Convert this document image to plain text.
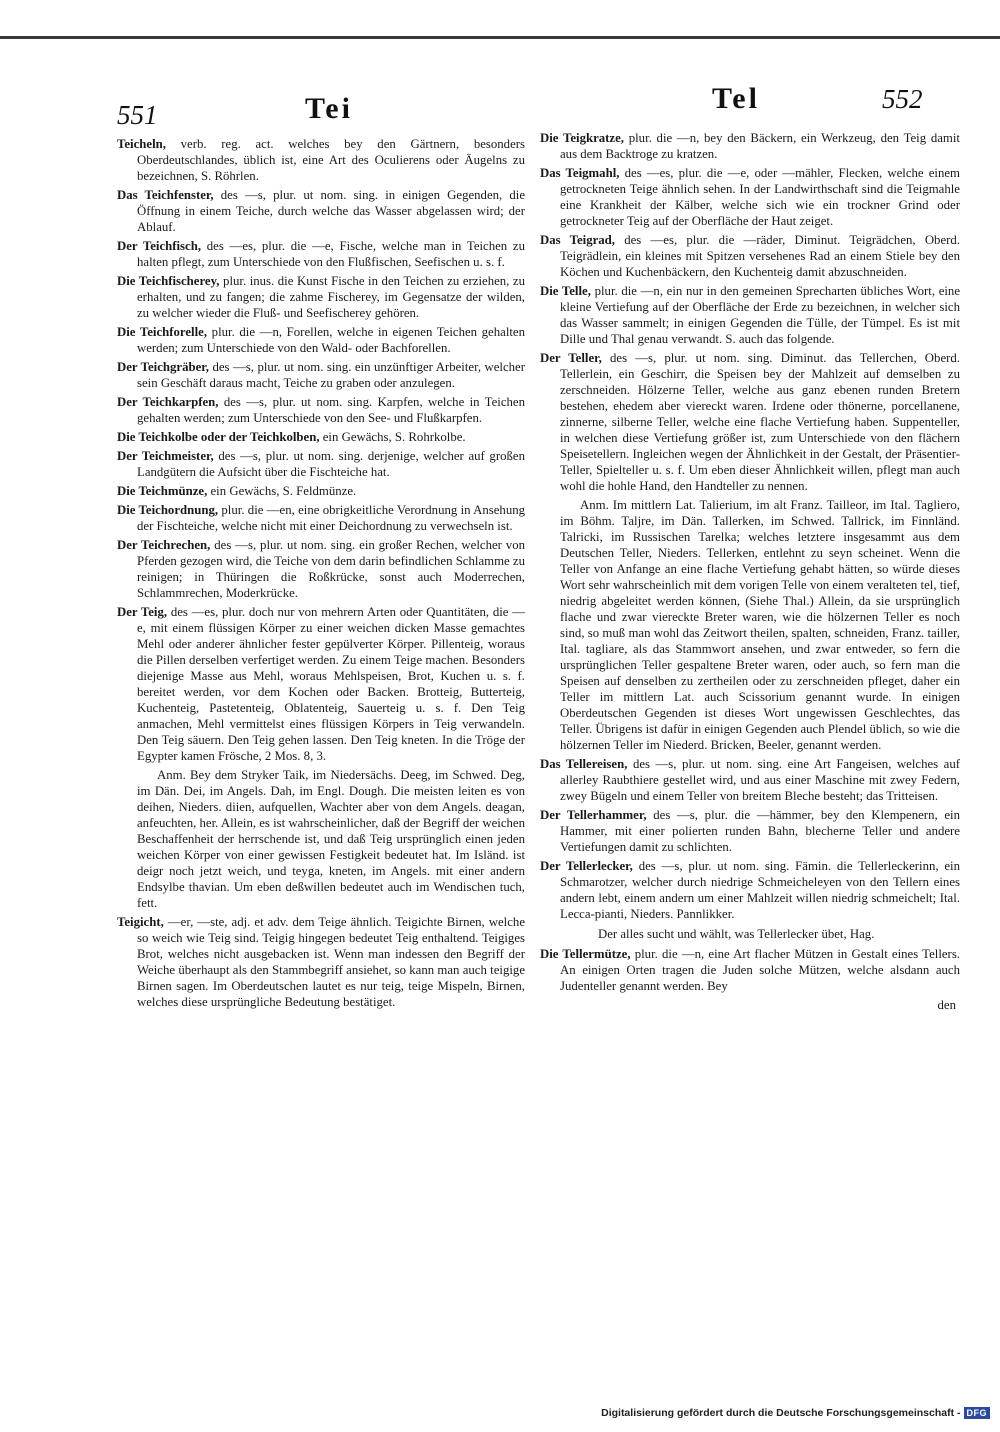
551	Tei	Tel	552

Teicheln, verb. reg. act. welches bey den Gärtnern, besonders Oberdeutschlandes, üblich ist, eine Art des Oculierens oder Äugelns zu bezeichnen, S. Röhrlen.

Das Teichfenster, des —s, plur. ut nom. sing. in einigen Gegenden, die Öffnung in einem Teiche, durch welche das Wasser abgelassen wird; der Ablauf.

Der Teichfisch, des —es, plur. die —e, Fische, welche man in Teichen zu halten pflegt, zum Unterschiede von den Flußfischen, Seefischen u. s. f.

Die Teichfischerey, plur. inus. die Kunst Fische in den Teichen zu erziehen, zu erhalten, und zu fangen; die zahme Fischerey, im Gegensatze der wilden, zu welcher wieder die Fluß- und Seefischerey gehören.

Die Teichforelle, plur. die —n, Forellen, welche in eigenen Teichen gehalten werden; zum Unterschiede von den Wald- oder Bachforellen.

Der Teichgräber, des —s, plur. ut nom. sing. ein unzünftiger Arbeiter, welcher sein Geschäft daraus macht, Teiche zu graben oder anzulegen.

Der Teichkarpfen, des —s, plur. ut nom. sing. Karpfen, welche in Teichen gehalten werden; zum Unterschiede von den See- und Flußkarpfen.

Die Teichkolbe oder der Teichkolben, ein Gewächs, S. Rohrkolbe.

Der Teichmeister, des —s, plur. ut nom. sing. derjenige, welcher auf großen Landgütern die Aufsicht über die Fischteiche hat.

Die Teichmünze, ein Gewächs, S. Feldmünze.

Die Teichordnung, plur. die —en, eine obrigkeitliche Verordnung in Ansehung der Fischteiche, welche nicht mit einer Deichordnung zu verwechseln ist.

Der Teichrechen, des —s, plur. ut nom. sing. ein großer Rechen, welcher von Pferden gezogen wird, die Teiche von dem darin befindlichen Schlamme zu reinigen; in Thüringen die Roßkrücke, sonst auch Moderrechen, Schlammrechen, Moderkrücke.

Der Teig, des —es, plur. doch nur von mehrern Arten oder Quantitäten, die —e, mit einem flüssigen Körper zu einer weichen dicken Masse gemachtes Mehl oder anderer ähnlicher fester gepülverter Körper. Pillenteig, woraus die Pillen derselben verfertiget werden. Zu einem Teige machen. Besonders diejenige Masse aus Mehl, woraus Mehlspeisen, Brot, Kuchen u. s. f. bereitet werden, vor dem Kochen oder Backen. Brotteig, Butterteig, Kuchenteig, Pastetenteig, Oblatenteig, Sauerteig u. s. f. Den Teig anmachen, Mehl vermittelst eines flüssigen Körpers in Teig verwandeln. Den Teig säuern. Den Teig gehen lassen. Den Teig kneten. In die Tröge der Egypter kamen Frösche, 2 Mos. 8, 3.

Anm. Bey dem Stryker Taik, im Niedersächs. Deeg, im Schwed. Deg, im Dän. Dei, im Angels. Dah, im Engl. Dough. Die meisten leiten es von deihen, Nieders. diien, aufquellen, Wachter aber von dem Angels. deagan, anfeuchten, her. Allein, es ist wahrscheinlicher, daß der Begriff der weichen Beschaffenheit der herrschende ist, und daß Teig ursprünglich einen jeden weichen Körper von einer gewissen Festigkeit bedeutet hat. Im Isländ. ist deigr noch jetzt weich, und teyga, kneten, im Angels. mit einer andern Endsylbe thavian. Um eben deßwillen bedeutet auch im Wendischen tuch, fett.

Teigicht, —er, —ste, adj. et adv. dem Teige ähnlich. Teigichte Birnen, welche so weich wie Teig sind. Teigig hingegen bedeutet Teig enthaltend. Teigiges Brot, welches nicht ausgebacken ist. Wenn man indessen den Begriff der Weiche überhaupt als den Stammbegriff ansiehet, so kann man auch teigige Birnen sagen. Im Oberdeutschen lautet es nur teig, teige Mispeln, Birnen, welches diese ursprüngliche Bedeutung bestätiget.

Die Teigkratze, plur. die —n, bey den Bäckern, ein Werkzeug, den Teig damit aus dem Backtroge zu kratzen.

Das Teigmahl, des —es, plur. die —e, oder —mähler, Flecken, welche einem getrockneten Teige ähnlich sehen. In der Landwirthschaft sind die Teigmahle eine Krankheit der Kälber, welche sich wie ein trockner Grind oder getrockneter Teig auf der Oberfläche der Haut zeiget.

Das Teigrad, des —es, plur. die —räder, Diminut. Teigrädchen, Oberd. Teigrädlein, ein kleines mit Spitzen versehenes Rad an einem Stiele bey den Köchen und Kuchenbäckern, den Kuchenteig damit abzuschneiden.

Die Telle, plur. die —n, ein nur in den gemeinen Sprecharten übliches Wort, eine kleine Vertiefung auf der Oberfläche der Erde zu bezeichnen, in welcher sich das Wasser sammelt; in einigen Gegenden die Tülle, der Tümpel. Es ist mit Dille und Thal genau verwandt. S. auch das folgende.

Der Teller, des —s, plur. ut nom. sing. Diminut. das Tellerchen, Oberd. Tellerlein, ein Geschirr, die Speisen bey der Mahlzeit auf demselben zu zerschneiden. Hölzerne Teller, welche aus ganz ebenen runden Bretern bestehen, ehedem aber viereckt waren. Irdene oder thönerne, porcellanene, zinnerne, silberne Teller, welche eine flache Vertiefung haben. Suppenteller, in welchen diese Vertiefung größer ist, zum Unterschiede von den flächern Speisetellern. Ingleichen wegen der Ähnlichkeit in der Gestalt, der Präsentier-Teller, Spielteller u. s. f. Um eben dieser Ähnlichkeit willen, pflegt man auch wohl die hohle Hand, den Handteller zu nennen.

Anm. Im mittlern Lat. Talierium, im alt Franz. Tailleor, im Ital. Tagliero, im Böhm. Taljre, im Dän. Tallerken, im Schwed. Tallrick, im Finnländ. Talricki, im Russischen Tarelka; welches letztere insgesammt aus dem Deutschen Teller, Nieders. Tellerken, entlehnt zu seyn scheinet. Wenn die Teller von Anfange an eine flache Vertiefung gehabt hätten, so würde dieses Wort sehr wahrscheinlich mit dem vorigen Telle von einem veralteten tel, tief, niedrig abgeleitet werden können, (Siehe Thal.) Allein, da sie ursprünglich flache und zwar viereckte Breter waren, wie die hölzernen Teller es noch sind, so muß man wohl das Zeitwort theilen, spalten, schneiden, Franz. tailler, Ital. tagliare, als das Stammwort ansehen, und zwar entweder, so fern die ursprünglichen Teller gespaltene Breter waren, oder auch, so fern man die Speisen auf denselben zu zertheilen oder zu zerschneiden pfleget, daher ein Teller im mittlern Lat. auch Scissorium genannt wurde. In einigen Oberdeutschen Gegenden ist dieses Wort ungewissen Geschlechtes, das Teller. Übrigens ist dafür in einigen Gegenden auch Plendel üblich, so wie die hölzernen Teller im Niederd. Bricken, Beeler, genannt werden.

Das Tellereisen, des —s, plur. ut nom. sing. eine Art Fangeisen, welches auf allerley Raubthiere gestellet wird, und aus einer Maschine mit zwey Federn, zwey Bügeln und einem Teller von breitem Bleche besteht; das Tritteisen.

Der Tellerhammer, des —s, plur. die —hämmer, bey den Klempenern, ein Hammer, mit einer polierten runden Bahn, blecherne Teller und andere Vertiefungen damit zu schlichten.

Der Tellerlecker, des —s, plur. ut nom. sing. Fämin. die Tellerleckerinn, ein Schmarotzer, welcher durch niedrige Schmeicheleyen von den Tellern eines andern lebt, einem andern um einer Mahlzeit willen niedrig schmeichelt; Ital. Lecca-pianti, Nieders. Pannlikker.

Der alles sucht und wählt, was Tellerlecker übet, Hag.

Die Tellermütze, plur. die —n, eine Art flacher Mützen in Gestalt eines Tellers. An einigen Orten tragen die Juden solche Mützen, welche alsdann auch Judenteller genannt werden. Bey

den

Digitalisierung gefördert durch die Deutsche Forschungsgemeinschaft - DFG
